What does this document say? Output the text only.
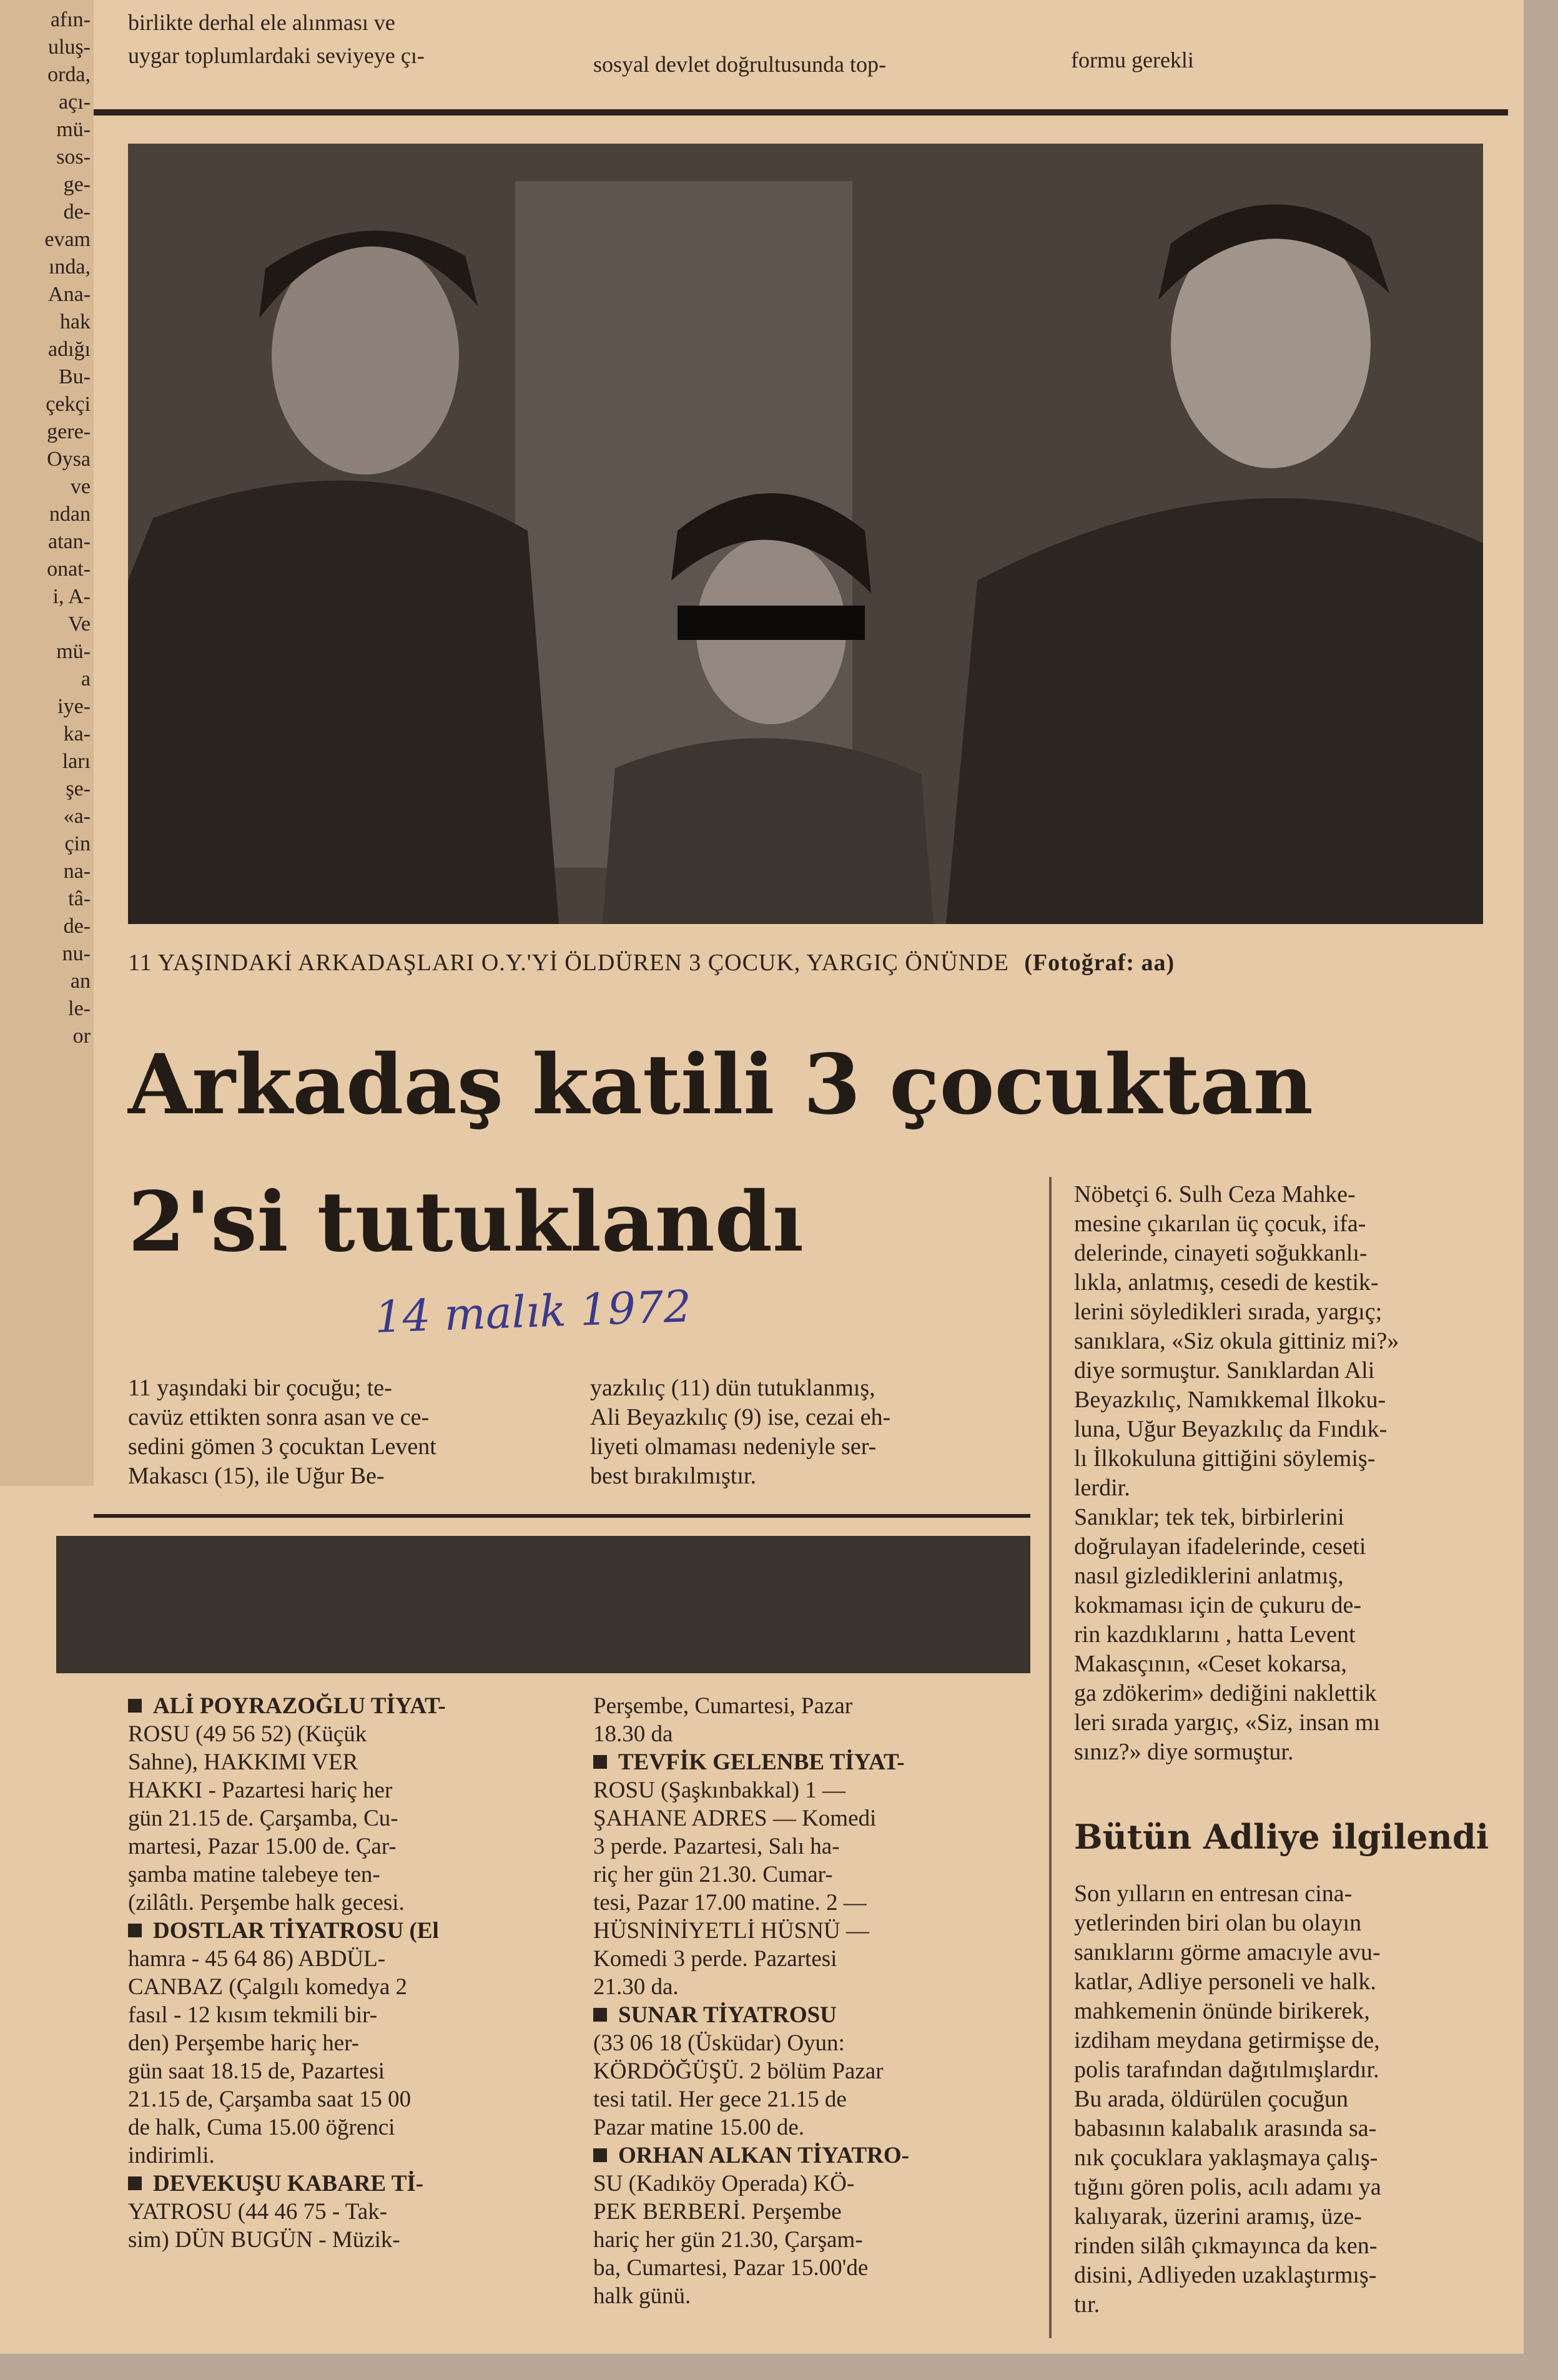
birlikte derhal ele alınması ve
uygar toplumlardaki seviyeye çı-	sosyal devlet doğrultusunda top-	formu gerekli
afın-
uluş-
orda,
açı-
mü-
sos-
ge-
de-
evam
ında,
Ana-
hak
adığı
Bu-
çekçi
gere-
Oysa
ve
ndan
atan-
onat-
i, A-
Ve
mü-
a
iye-
ka-
ları
şe-
«a-
çin
na-
tâ-
de-
nu-
an
le-
or
11 YAŞINDAKİ ARKADAŞLARI O.Y.'Yİ ÖLDÜREN 3 ÇOCUK, YARGIÇ ÖNÜNDE (Fotoğraf: aa)
Arkadaş katili 3 çocuktan
2'si tutuklandı
14 malık 1972
11 yaşındaki bir çocuğu; te-
cavüz ettikten sonra asan ve ce-
sedini gömen 3 çocuktan Levent
Makascı (15), ile Uğur Be-
yazkılıç (11) dün tutuklanmış,
Ali Beyazkılıç (9) ise, cezai eh-
liyeti olmaması nedeniyle ser-
best bırakılmıştır.
Nöbetçi 6. Sulh Ceza Mahke-
mesine çıkarılan üç çocuk, ifa-
delerinde, cinayeti soğukkanlı-
lıkla, anlatmış, cesedi de kestik-
lerini söyledikleri sırada, yargıç;
sanıklara, «Siz okula gittiniz mi?»
diye sormuştur. Sanıklardan Ali
Beyazkılıç, Namıkkemal İlkoku-
luna, Uğur Beyazkılıç da Fındık-
lı İlkokuluna gittiğini söylemiş-
lerdir.
Sanıklar; tek tek, birbirlerini
doğrulayan ifadelerinde, ceseti
nasıl gizlediklerini anlatmış,
kokmaması için de çukuru de-
rin kazdıklarını , hatta Levent
Makasçının, «Ceset kokarsa,
ga zdökerim» dediğini naklettik
leri sırada yargıç, «Siz, insan mı
sınız?» diye sormuştur.
Bütün Adliye ilgilendi
Son yılların en entresan cina-
yetlerinden biri olan bu olayın
sanıklarını görme amacıyle avu-
katlar, Adliye personeli ve halk.
mahkemenin önünde birikerek,
izdiham meydana getirmişse de,
polis tarafından dağıtılmışlardır.
Bu arada, öldürülen çocuğun
babasının kalabalık arasında sa-
nık çocuklara yaklaşmaya çalış-
tığını gören polis, acılı adamı ya
kalıyarak, üzerini aramış, üze-
rinden silâh çıkmayınca da ken-
disini, Adliyeden uzaklaştırmış-
tır.
ALİ POYRAZOĞLU TİYAT-
ROSU (49 56 52) (Küçük
Sahne), HAKKIMI VER
HAKKI - Pazartesi hariç her
gün 21.15 de. Çarşamba, Cu-
martesi, Pazar 15.00 de. Çar-
şamba matine talebeye ten-
(zilâtlı. Perşembe halk gecesi.
DOSTLAR TİYATROSU (El
hamra - 45 64 86) ABDÜL-
CANBAZ (Çalgılı komedya 2
fasıl - 12 kısım tekmili bir-
den) Perşembe hariç her-
gün saat 18.15 de, Pazartesi
21.15 de, Çarşamba saat 15 00
de halk, Cuma 15.00 öğrenci
indirimli.
DEVEKUŞU KABARE Tİ-
YATROSU (44 46 75 - Tak-
sim) DÜN BUGÜN - Müzik-
Perşembe, Cumartesi, Pazar
18.30 da
TEVFİK GELENBE TİYAT-
ROSU (Şaşkınbakkal) 1 —
ŞAHANE ADRES — Komedi
3 perde. Pazartesi, Salı ha-
riç her gün 21.30. Cumar-
tesi, Pazar 17.00 matine. 2 —
HÜSNİNİYETLİ HÜSNÜ —
Komedi 3 perde. Pazartesi
21.30 da.
SUNAR TİYATROSU
(33 06 18 (Üsküdar) Oyun:
KÖRDÖĞÜŞÜ. 2 bölüm Pazar
tesi tatil. Her gece 21.15 de
Pazar matine 15.00 de.
ORHAN ALKAN TİYATRO-
SU (Kadıköy Operada) KÖ-
PEK BERBERİ. Perşembe
hariç her gün 21.30, Çarşam-
ba, Cumartesi, Pazar 15.00'de
halk günü.
